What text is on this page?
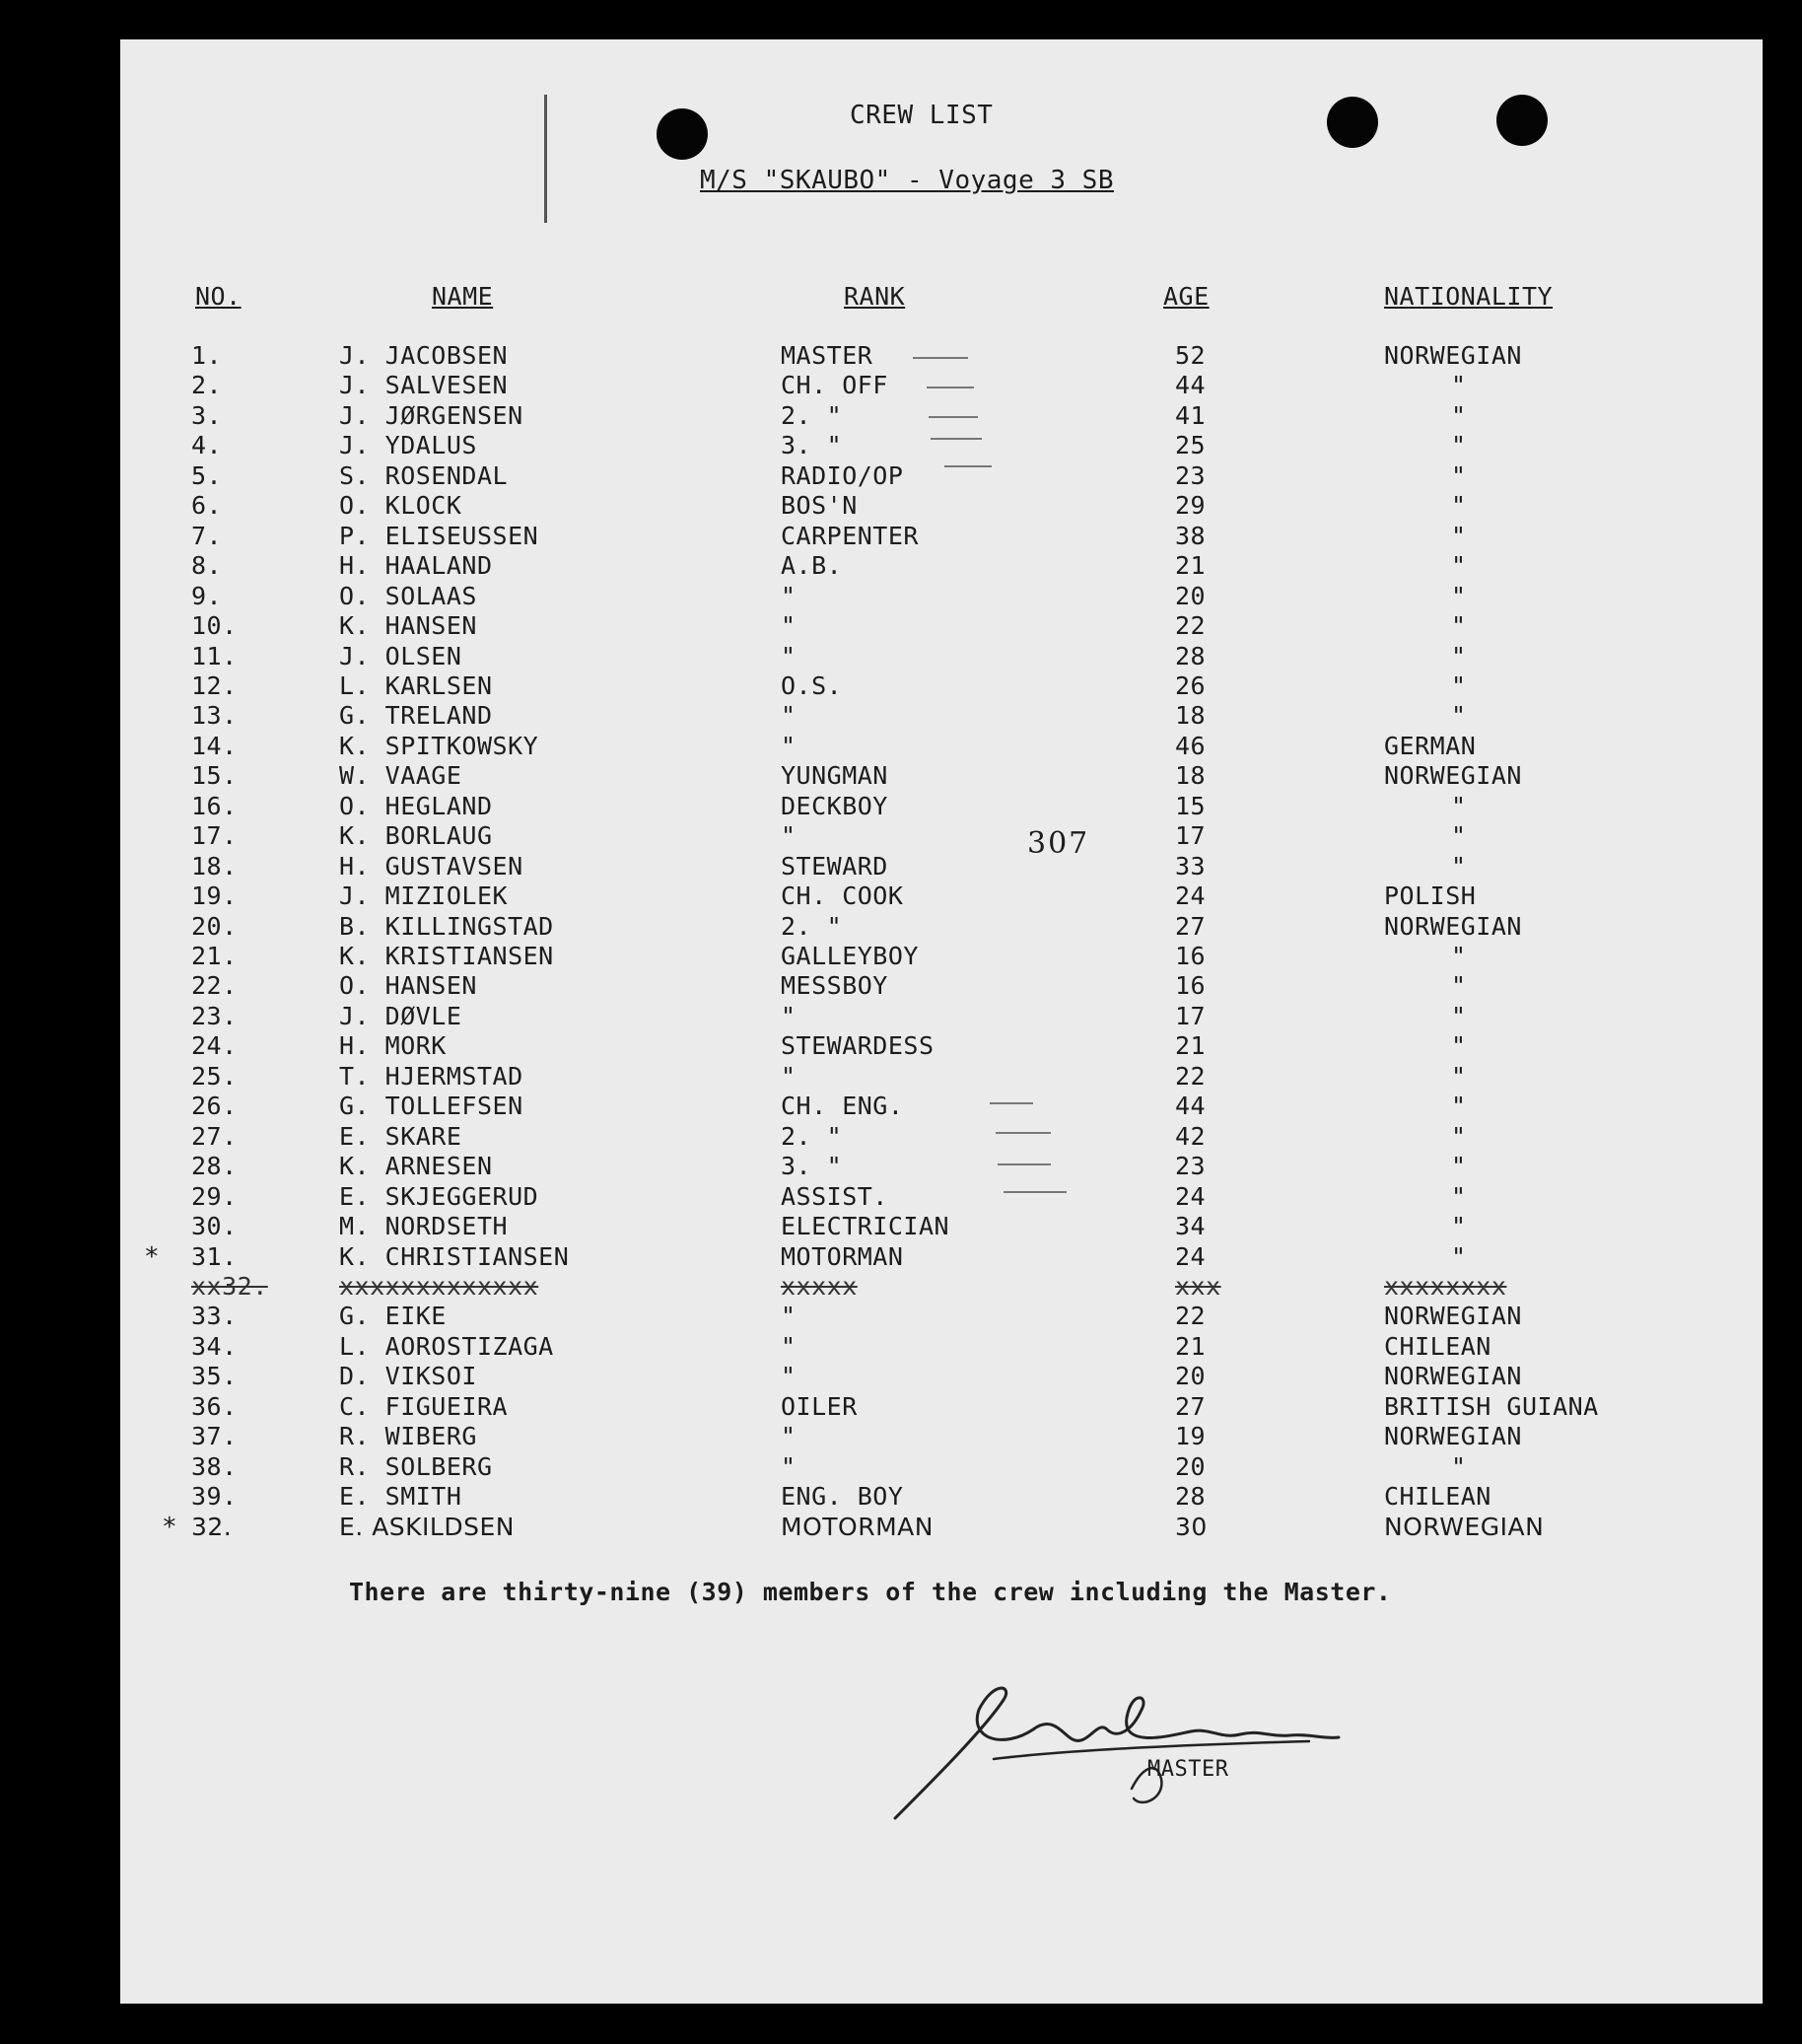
CREW LIST
M/S "SKAUBO" - Voyage 3 SB
NO.	NAME	RANK	AGE	NATIONALITY
1.	J. JACOBSEN	MASTER	52	NORWEGIAN
2.	J. SALVESEN	CH. OFF	44	"
3.	J. JØRGENSEN	2. "	41	"
4.	J. YDALUS	3. "	25	"
5.	S. ROSENDAL	RADIO/OP	23	"
6.	O. KLOCK	BOS'N	29	"
7.	P. ELISEUSSEN	CARPENTER	38	"
8.	H. HAALAND	A.B.	21	"
9.	O. SOLAAS	"	20	"
10.	K. HANSEN	"	22	"
11.	J. OLSEN	"	28	"
12.	L. KARLSEN	O.S.	26	"
13.	G. TRELAND	"	18	"
14.	K. SPITKOWSKY	"	46	GERMAN
15.	W. VAAGE	YUNGMAN	18	NORWEGIAN
16.	O. HEGLAND	DECKBOY	15	"
17.	K. BORLAUG	"	17	"
18.	H. GUSTAVSEN	STEWARD	33	"
19.	J. MIZIOLEK	CH. COOK	24	POLISH
20.	B. KILLINGSTAD	2. "	27	NORWEGIAN
21.	K. KRISTIANSEN	GALLEYBOY	16	"
22.	O. HANSEN	MESSBOY	16	"
23.	J. DØVLE	"	17	"
24.	H. MORK	STEWARDESS	21	"
25.	T. HJERMSTAD	"	22	"
26.	G. TOLLEFSEN	CH. ENG.	44	"
27.	E. SKARE	2. "	42	"
28.	K. ARNESEN	3. "	23	"
29.	E. SKJEGGERUD	ASSIST.	24	"
30.	M. NORDSETH	ELECTRICIAN	34	"
31.	K. CHRISTIANSEN	MOTORMAN	24	"
*
xx32.	xxxxxxxxxxxxx	xxxxx	xxx	xxxxxxxx
33.	G. EIKE	"	22	NORWEGIAN
34.	L. AOROSTIZAGA	"	21	CHILEAN
35.	D. VIKSOI	"	20	NORWEGIAN
36.	C. FIGUEIRA	OILER	27	BRITISH GUIANA
37.	R. WIBERG	"	19	NORWEGIAN
38.	R. SOLBERG	"	20	"
39.	E. SMITH	ENG. BOY	28	CHILEAN
32.	E. ASKILDSEN	MOTORMAN	30	NORWEGIAN
*
307
There are thirty-nine (39) members of the crew including the Master.
MASTER
